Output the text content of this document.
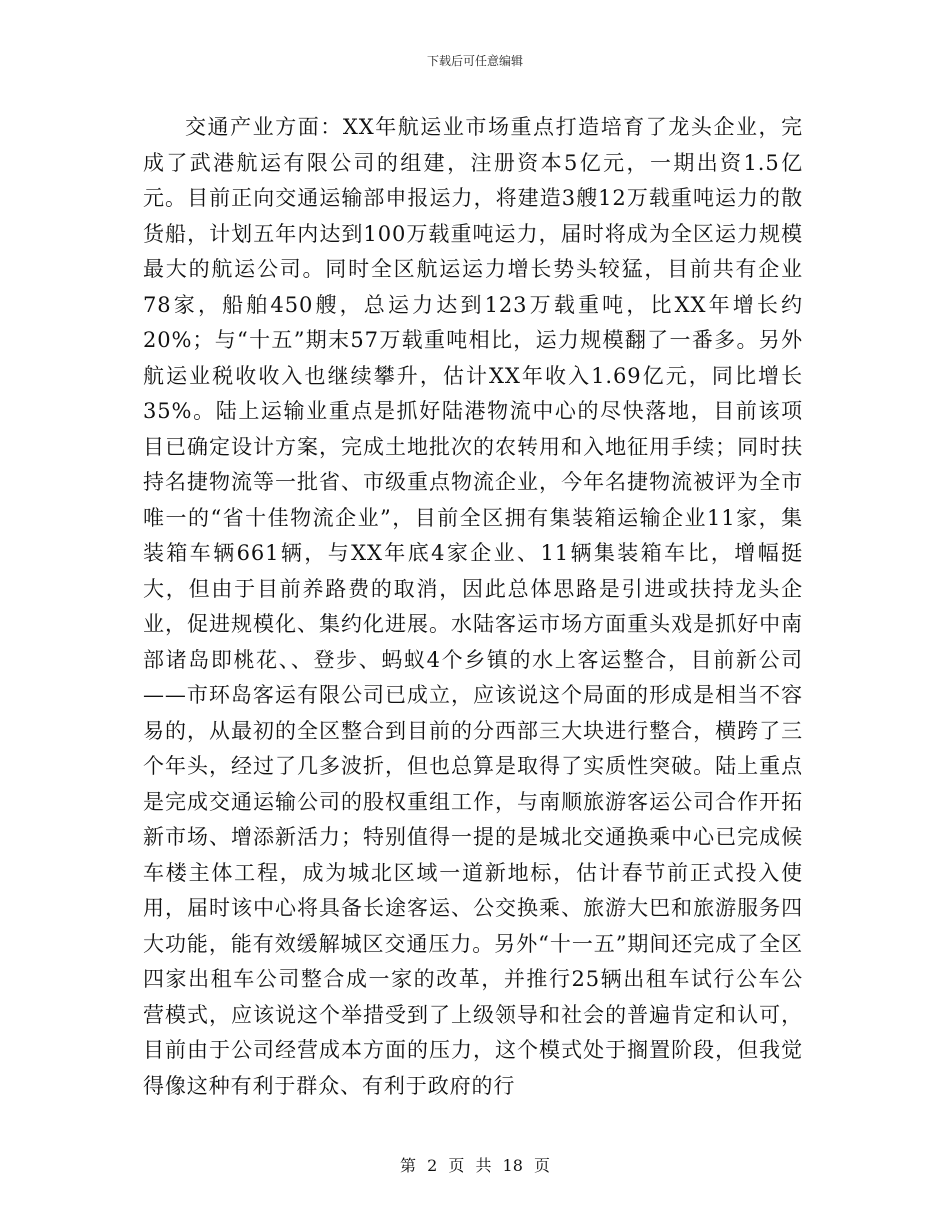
下载后可任意编辑

交通产业方面：XX年航运业市场重点打造培育了龙头企业，完成了武港航运有限公司的组建，注册资本5亿元，一期出资1.5亿元。目前正向交通运输部申报运力，将建造3艘12万载重吨运力的散货船，计划五年内达到100万载重吨运力，届时将成为全区运力规模最大的航运公司。同时全区航运运力增长势头较猛，目前共有企业78家，船舶450艘，总运力达到123万载重吨，比XX年增长约20%；与“十五”期末57万载重吨相比，运力规模翻了一番多。另外航运业税收收入也继续攀升，估计XX年收入1.69亿元，同比增长35%。陆上运输业重点是抓好陆港物流中心的尽快落地，目前该项目已确定设计方案，完成土地批次的农转用和入地征用手续；同时扶持名捷物流等一批省、市级重点物流企业，今年名捷物流被评为全市唯一的“省十佳物流企业”，目前全区拥有集装箱运输企业11家，集装箱车辆661辆，与XX年底4家企业、11辆集装箱车比，增幅挺大，但由于目前养路费的取消，因此总体思路是引进或扶持龙头企业，促进规模化、集约化进展。水陆客运市场方面重头戏是抓好中南部诸岛即桃花、、登步、蚂蚁4个乡镇的水上客运整合，目前新公司——市环岛客运有限公司已成立，应该说这个局面的形成是相当不容易的，从最初的全区整合到目前的分西部三大块进行整合，横跨了三个年头，经过了几多波折，但也总算是取得了实质性突破。陆上重点是完成交通运输公司的股权重组工作，与南顺旅游客运公司合作开拓新市场、增添新活力；特别值得一提的是城北交通换乘中心已完成候车楼主体工程，成为城北区域一道新地标，估计春节前正式投入使用，届时该中心将具备长途客运、公交换乘、旅游大巴和旅游服务四大功能，能有效缓解城区交通压力。另外“十一五”期间还完成了全区四家出租车公司整合成一家的改革，并推行25辆出租车试行公车公营模式，应该说这个举措受到了上级领导和社会的普遍肯定和认可，目前由于公司经营成本方面的压力，这个模式处于搁置阶段，但我觉得像这种有利于群众、有利于政府的行

第 2 页 共 18 页
